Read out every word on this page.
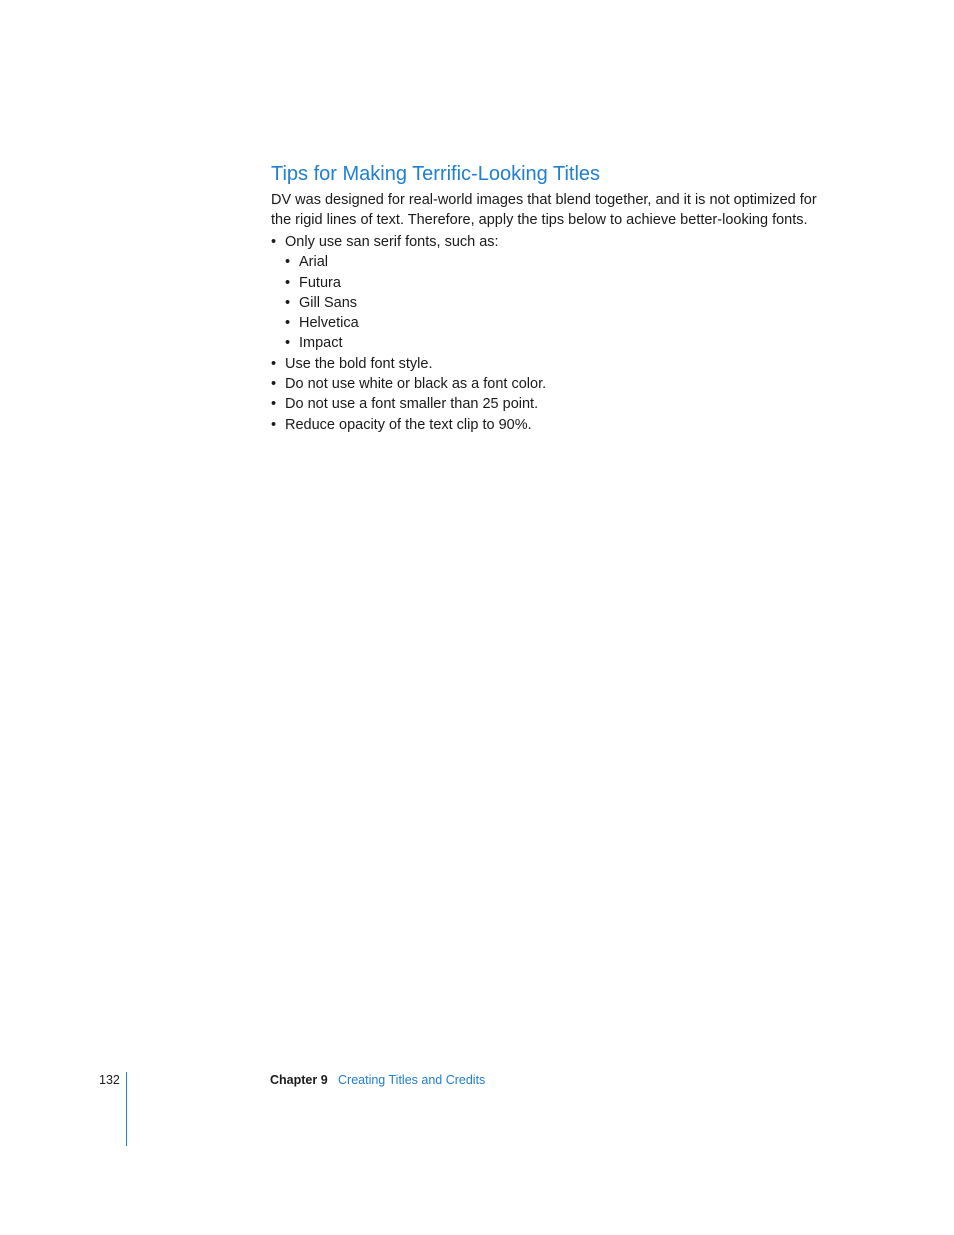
Tips for Making Terrific-Looking Titles

DV was designed for real-world images that blend together, and it is not optimized for the rigid lines of text. Therefore, apply the tips below to achieve better-looking fonts.

• Only use san serif fonts, such as:
• Arial
• Futura
• Gill Sans
• Helvetica
• Impact
• Use the bold font style.
• Do not use white or black as a font color.
• Do not use a font smaller than 25 point.
• Reduce opacity of the text clip to 90%.
132	Chapter 9 Creating Titles and Credits
